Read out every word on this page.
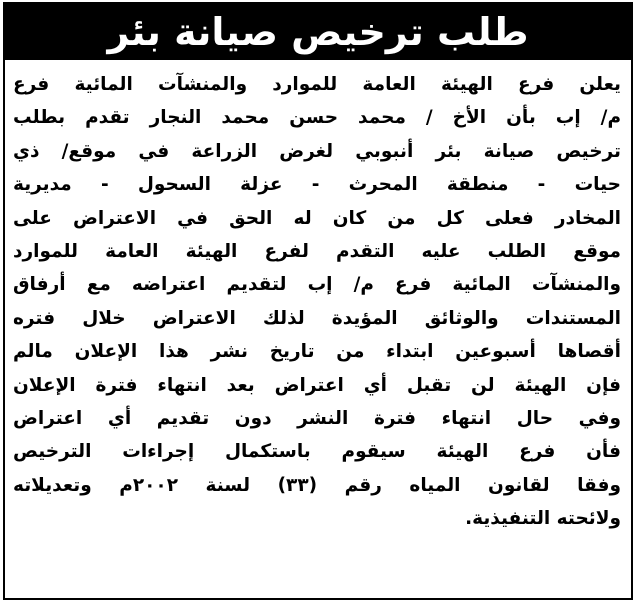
طلب ترخيص صيانة بئر
يعلن فرع الهيئة العامة للموارد والمنشآت المائية فرع
م/ إب بأن الأخ / محمد حسن محمد النجار تقدم بطلب
ترخيص صيانة بئر أنبوبي لغرض الزراعة في موقع/ ذي
حيات - منطقة المحرث - عزلة السحول - مديرية
المخادر فعلى كل من كان له الحق في الاعتراض على
موقع الطلب عليه التقدم لفرع الهيئة العامة للموارد
والمنشآت المائية فرع م/ إب لتقديم اعتراضه مع أرفاق
المستندات والوثائق المؤيدة لذلك الاعتراض خلال فتره
أقصاها أسبوعين ابتداء من تاريخ نشر هذا الإعلان مالم
فإن الهيئة لن تقبل أي اعتراض بعد انتهاء فترة الإعلان
وفي حال انتهاء فترة النشر دون تقديم أي اعتراض
فأن فرع الهيئة سيقوم باستكمال إجراءات الترخيص
وفقا لقانون المياه رقم (٣٣) لسنة ٢٠٠٢م وتعديلاته
ولائحته التنفيذية.
